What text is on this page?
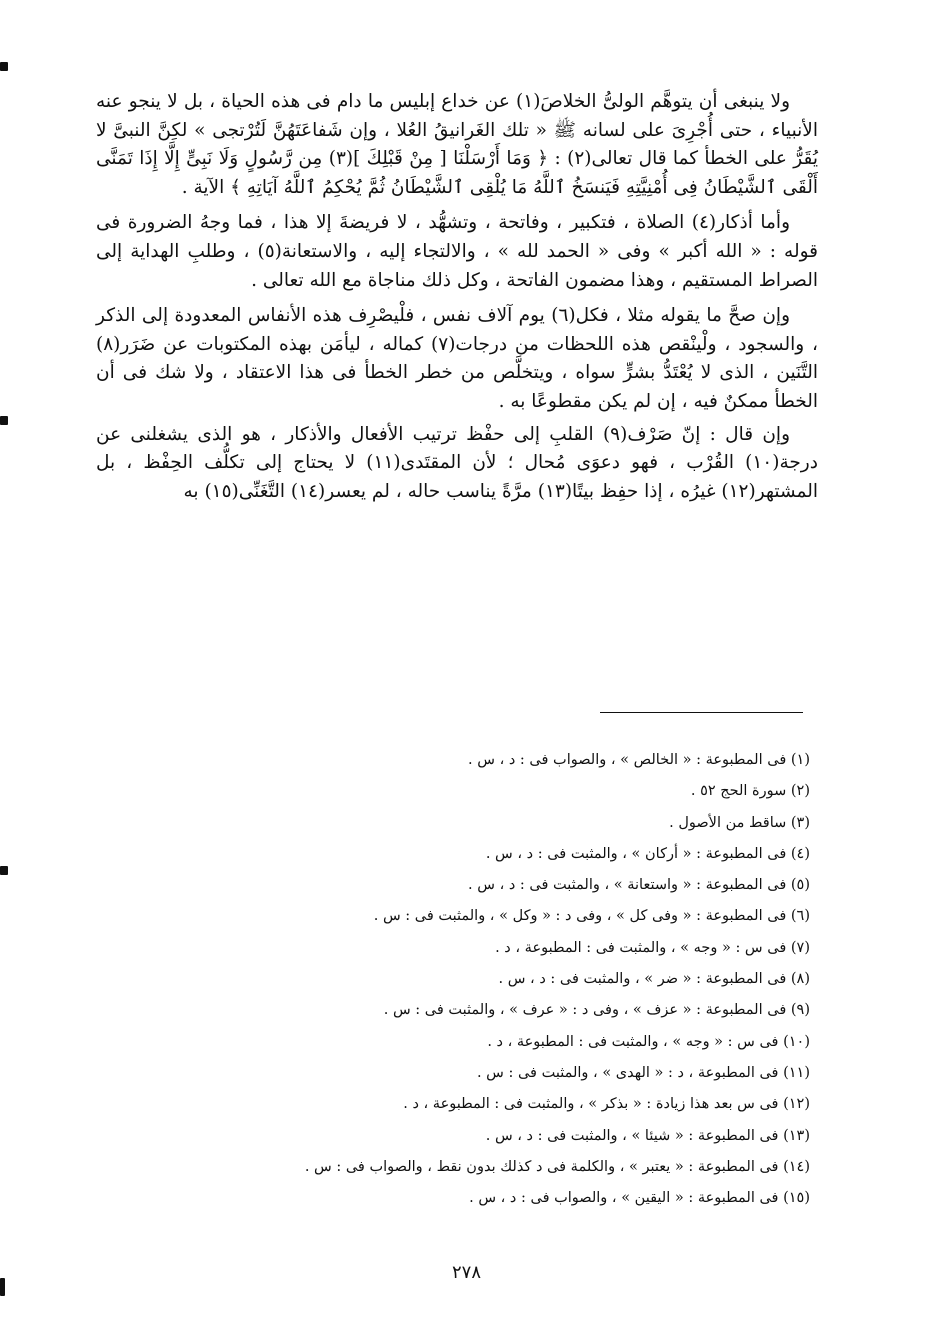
ولا ينبغى أن يتوهَّم الولىُّ الخلاصَ(١) عن خداع إبليس ما دام فى هذه الحياة ، بل لا ينجو عنه الأنبياء ، حتى أُجْرِىَ على لسانه ﷺ « تلك الغَرانيقُ العُلا ، وإن شَفاعَتَهُنَّ لَتُرْتجى » لكِنَّ النبىَّ لا يُقَرُّ على الخطأ كما قال تعالى(٢) : ﴿ وَمَا أَرْسَلْنَا [ مِنْ قَبْلِكَ ](٣) مِن رَّسُولٍ وَلَا نَبِىٍّ إِلَّا إِذَا تَمَنَّى أَلْقَى ٱلشَّيْطَانُ فِى أُمْنِيَّتِهِ فَيَنسَخُ ٱللَّهُ مَا يُلْقِى ٱلشَّيْطَانُ ثُمَّ يُحْكِمُ ٱللَّهُ آيَاتِهِ ﴾ الآية .

وأما أذكار(٤) الصلاة ، فتكبير ، وفاتحة ، وتشهُّد ، لا فريضةَ إلا هذا ، فما وجهُ الضرورة فى قوله : « الله أكبر » وفى « الحمد لله » ، والالتجاء إليه ، والاستعانة(٥) ، وطلبِ الهداية إلى الصراط المستقيم ، وهذا مضمون الفاتحة ، وكل ذلك مناجاة مع الله تعالى .

وإن صحَّ ما يقوله مثلا ، فكل(٦) يوم آلاف نفس ، فلْيصْرِف هذه الأنفاس المعدودة إلى الذكر ، والسجود ، ولْينْقص هذه اللحظات من درجات(٧) كماله ، ليأمَن بهذه المكتوبات عن ضَرَر(٨) التَّنَين ، الذى لا يُعْتَدُّ بشرٍّ سواه ، ويتخلَّص من خطر الخطأ فى هذا الاعتقاد ، ولا شك فى أن الخطأ ممكنٌ فيه ، إن لم يكن مقطوعًا به .

وإن قال : إنّ صَرْف(٩) القلبِ إلى حفْظ ترتيب الأفعال والأذكار ، هو الذى يشغلنى عن درجة(١٠) القُرْب ، فهو دعوَى مُحال ؛ لأن المقتَدى(١١) لا يحتاج إلى تكلُّف الحِفْظ ، بل المشتهر(١٢) غيرُه ، إذا حفِظ بيتًا(١٣) مرَّةً يناسب حاله ، لم يعسر(١٤) التَّغَنِّى(١٥) به

(١) فى المطبوعة : « الخالص » ، والصواب فى : د ، س .
(٢) سورة الحج ٥٢ .
(٣) ساقط من الأصول .
(٤) فى المطبوعة : « أركان » ، والمثبت فى : د ، س .
(٥) فى المطبوعة : « واستعانة » ، والمثبت فى : د ، س .
(٦) فى المطبوعة : « وفى كل » ، وفى د : « وكل » ، والمثبت فى : س .
(٧) فى س : « وجه » ، والمثبت فى : المطبوعة ، د .
(٨) فى المطبوعة : « ضر » ، والمثبت فى : د ، س .
(٩) فى المطبوعة : « عزف » ، وفى د : « عرف » ، والمثبت فى : س .
(١٠) فى س : « وجه » ، والمثبت فى : المطبوعة ، د .
(١١) فى المطبوعة ، د : « الهدى » ، والمثبت فى : س .
(١٢) فى س بعد هذا زيادة : « بذكر » ، والمثبت فى : المطبوعة ، د .
(١٣) فى المطبوعة : « شيئا » ، والمثبت فى : د ، س .
(١٤) فى المطبوعة : « يعتبر » ، والكلمة فى د كذلك بدون نقط ، والصواب فى : س .
(١٥) فى المطبوعة : « اليقين » ، والصواب فى : د ، س .
٢٧٨
